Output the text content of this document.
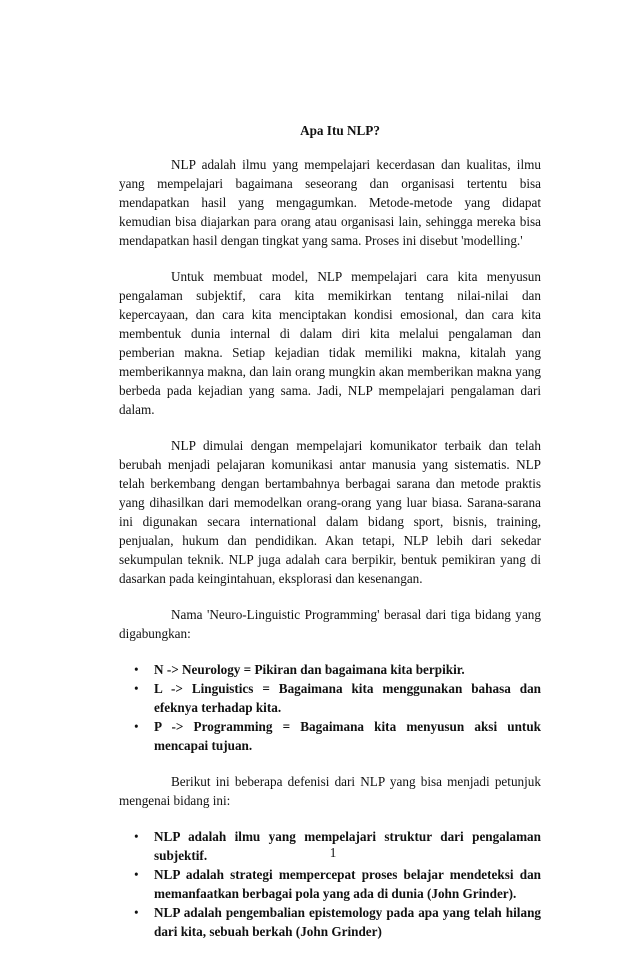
Apa Itu NLP?

NLP adalah ilmu yang mempelajari kecerdasan dan kualitas, ilmu yang mempelajari bagaimana seseorang dan organisasi tertentu bisa mendapatkan hasil yang mengagumkan. Metode-metode yang didapat kemudian bisa diajarkan para orang atau organisasi lain, sehingga mereka bisa mendapatkan hasil dengan tingkat yang sama. Proses ini disebut 'modelling.'

Untuk membuat model, NLP mempelajari cara kita menyusun pengalaman subjektif, cara kita memikirkan tentang nilai-nilai dan kepercayaan, dan cara kita menciptakan kondisi emosional, dan cara kita membentuk dunia internal di dalam diri kita melalui pengalaman dan pemberian makna. Setiap kejadian tidak memiliki makna, kitalah yang memberikannya makna, dan lain orang mungkin akan memberikan makna yang berbeda pada kejadian yang sama. Jadi, NLP mempelajari pengalaman dari dalam.

NLP dimulai dengan mempelajari komunikator terbaik dan telah berubah menjadi pelajaran komunikasi antar manusia yang sistematis. NLP telah berkembang dengan bertambahnya berbagai sarana dan metode praktis yang dihasilkan dari memodelkan orang-orang yang luar biasa. Sarana-sarana ini digunakan secara international dalam bidang sport, bisnis, training, penjualan, hukum dan pendidikan. Akan tetapi, NLP lebih dari sekedar sekumpulan teknik. NLP juga adalah cara berpikir, bentuk pemikiran yang di dasarkan pada keingintahuan, eksplorasi dan kesenangan.

Nama 'Neuro-Linguistic Programming' berasal dari tiga bidang yang digabungkan:

• N -> Neurology = Pikiran dan bagaimana kita berpikir.
• L -> Linguistics = Bagaimana kita menggunakan bahasa dan efeknya terhadap kita.
• P -> Programming = Bagaimana kita menyusun aksi untuk mencapai tujuan.

Berikut ini beberapa defenisi dari NLP yang bisa menjadi petunjuk mengenai bidang ini:

• NLP adalah ilmu yang mempelajari struktur dari pengalaman subjektif.
• NLP adalah strategi mempercepat proses belajar mendeteksi dan memanfaatkan berbagai pola yang ada di dunia (John Grinder).
• NLP adalah pengembalian epistemology pada apa yang telah hilang dari kita, sebuah berkah (John Grinder)
1
